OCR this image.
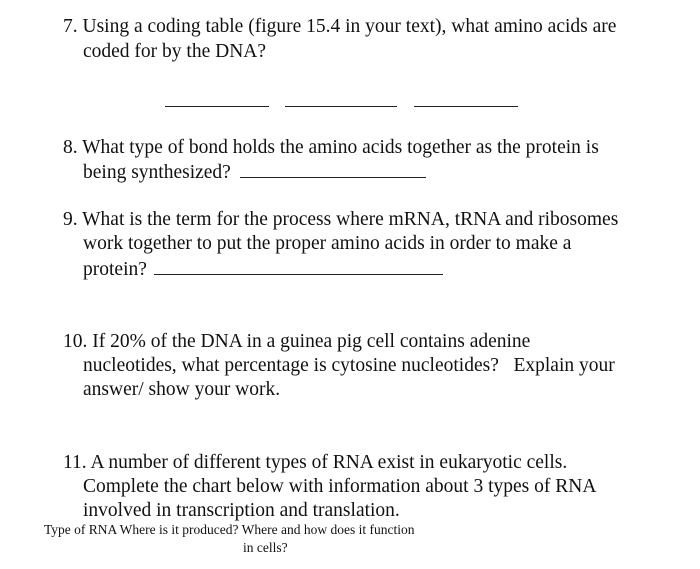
7. Using a coding table (figure 15.4 in your text), what amino acids are
coded for by the DNA?
8. What type of bond holds the amino acids together as the protein is
being synthesized?
9. What is the term for the process where mRNA, tRNA and ribosomes
work together to put the proper amino acids in order to make a
protein?
10. If 20% of the DNA in a guinea pig cell contains adenine
nucleotides, what percentage is cytosine nucleotides?   Explain your
answer/ show your work.
11. A number of different types of RNA exist in eukaryotic cells.
Complete the chart below with information about 3 types of RNA
involved in transcription and translation.
Type of RNA Where is it produced? Where and how does it function
in cells?
